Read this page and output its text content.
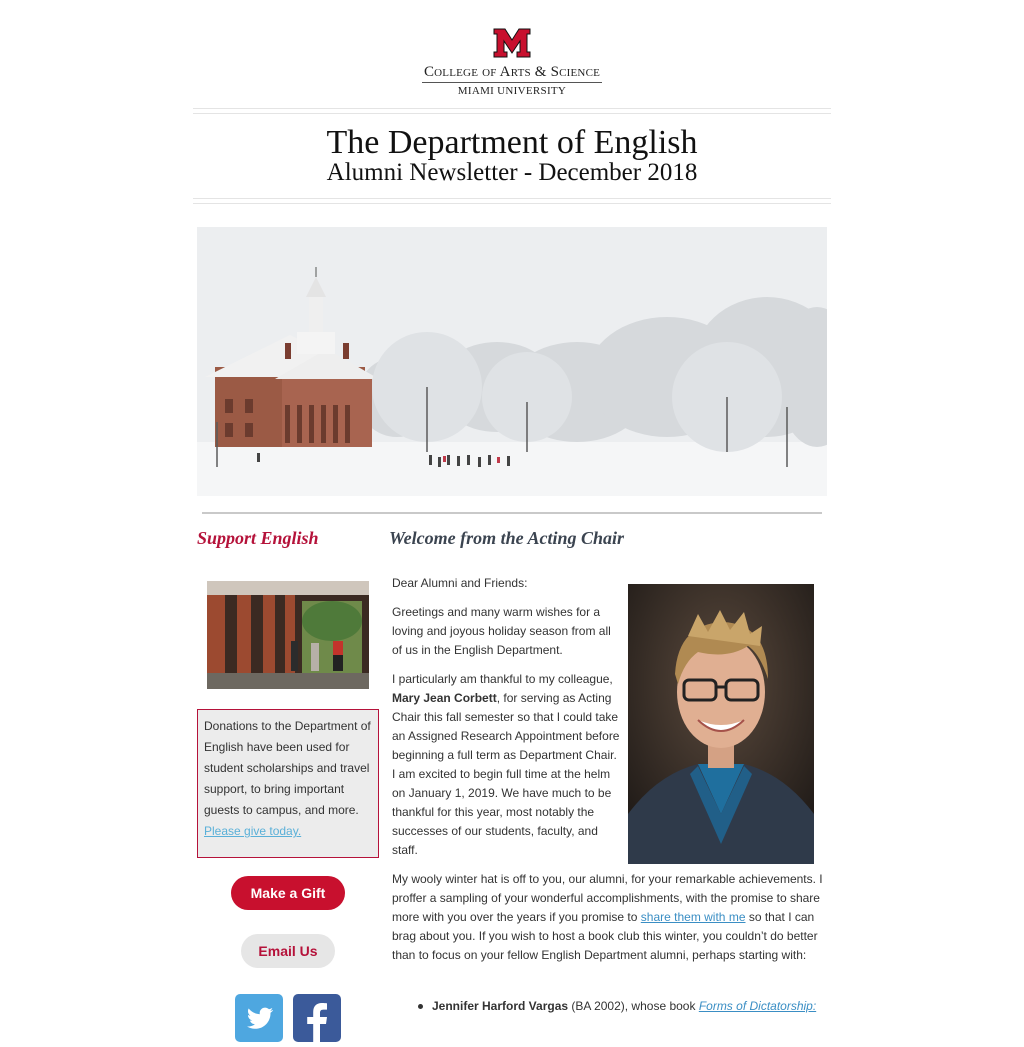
College of Arts & Science
MIAMI UNIVERSITY
The Department of English
Alumni Newsletter - December 2018
Support English	Welcome from the Acting Chair
Donations to the Department of English have been used for student scholarships and travel support, to bring important guests to campus, and more. Please give today.
Make a Gift
Email Us
Dear Alumni and Friends:
Greetings and many warm wishes for a loving and joyous holiday season from all of us in the English Department.
I particularly am thankful to my colleague, Mary Jean Corbett, for serving as Acting Chair this fall semester so that I could take an Assigned Research Appointment before beginning a full term as Department Chair. I am excited to begin full time at the helm on January 1, 2019. We have much to be thankful for this year, most notably the successes of our students, faculty, and staff.
My wooly winter hat is off to you, our alumni, for your remarkable achievements. I proffer a sampling of your wonderful accomplishments, with the promise to share more with you over the years if you promise to share them with me so that I can brag about you. If you wish to host a book club this winter, you couldn’t do better than to focus on your fellow English Department alumni, perhaps starting with:
Jennifer Harford Vargas (BA 2002), whose book Forms of Dictatorship:
